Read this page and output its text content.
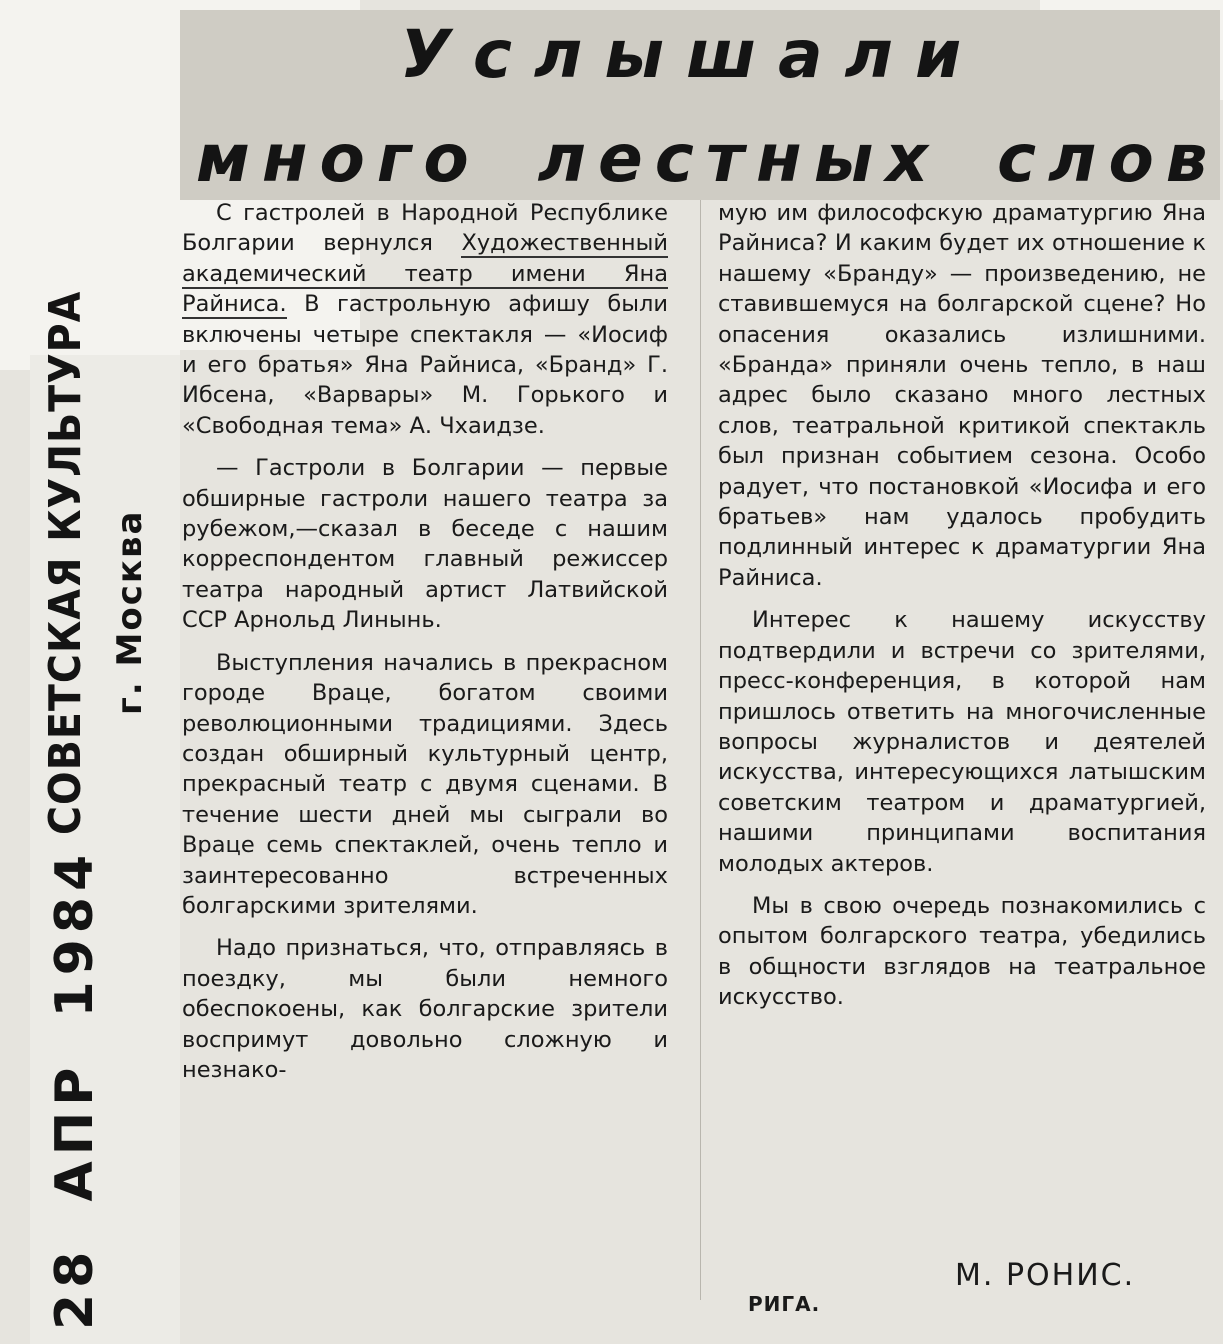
Услышали
много лестных слов
СОВЕТСКАЯ КУЛЬТУРА г. Москва
28 АПР 1984

С гастролей в Народной Республике Болгарии вернулся Художественный академический театр имени Яна Райниса. В гастрольную афишу были включены четыре спектакля — «Иосиф и его братья» Яна Райниса, «Бранд» Г. Ибсена, «Варвары» М. Горького и «Свободная тема» А. Чхаидзе.

— Гастроли в Болгарии — первые обширные гастроли нашего театра за рубежом,—сказал в беседе с нашим корреспондентом главный режиссер театра народный артист Латвийской ССР Арнольд Линынь.

Выступления начались в прекрасном городе Враце, богатом своими революционными традициями. Здесь создан обширный культурный центр, прекрасный театр с двумя сценами. В течение шести дней мы сыграли во Враце семь спектаклей, очень тепло и заинтересованно встреченных болгарскими зрителями.

Надо признаться, что, отправляясь в поездку, мы были немного обеспокоены, как болгарские зрители воспримут довольно сложную и незнако-

мую им философскую драматургию Яна Райниса? И каким будет их отношение к нашему «Бранду» — произведению, не ставившемуся на болгарской сцене? Но опасения оказались излишними. «Бранда» приняли очень тепло, в наш адрес было сказано много лестных слов, театральной критикой спектакль был признан событием сезона. Особо радует, что постановкой «Иосифа и его братьев» нам удалось пробудить подлинный интерес к драматургии Яна Райниса.

Интерес к нашему искусству подтвердили и встречи со зрителями, пресс-конференция, в которой нам пришлось ответить на многочисленные вопросы журналистов и деятелей искусства, интересующихся латышским советским театром и драматургией, нашими принципами воспитания молодых актеров.

Мы в свою очередь познакомились с опытом болгарского театра, убедились в общности взглядов на театральное искусство.

РИГА.
М. РОНИС.
